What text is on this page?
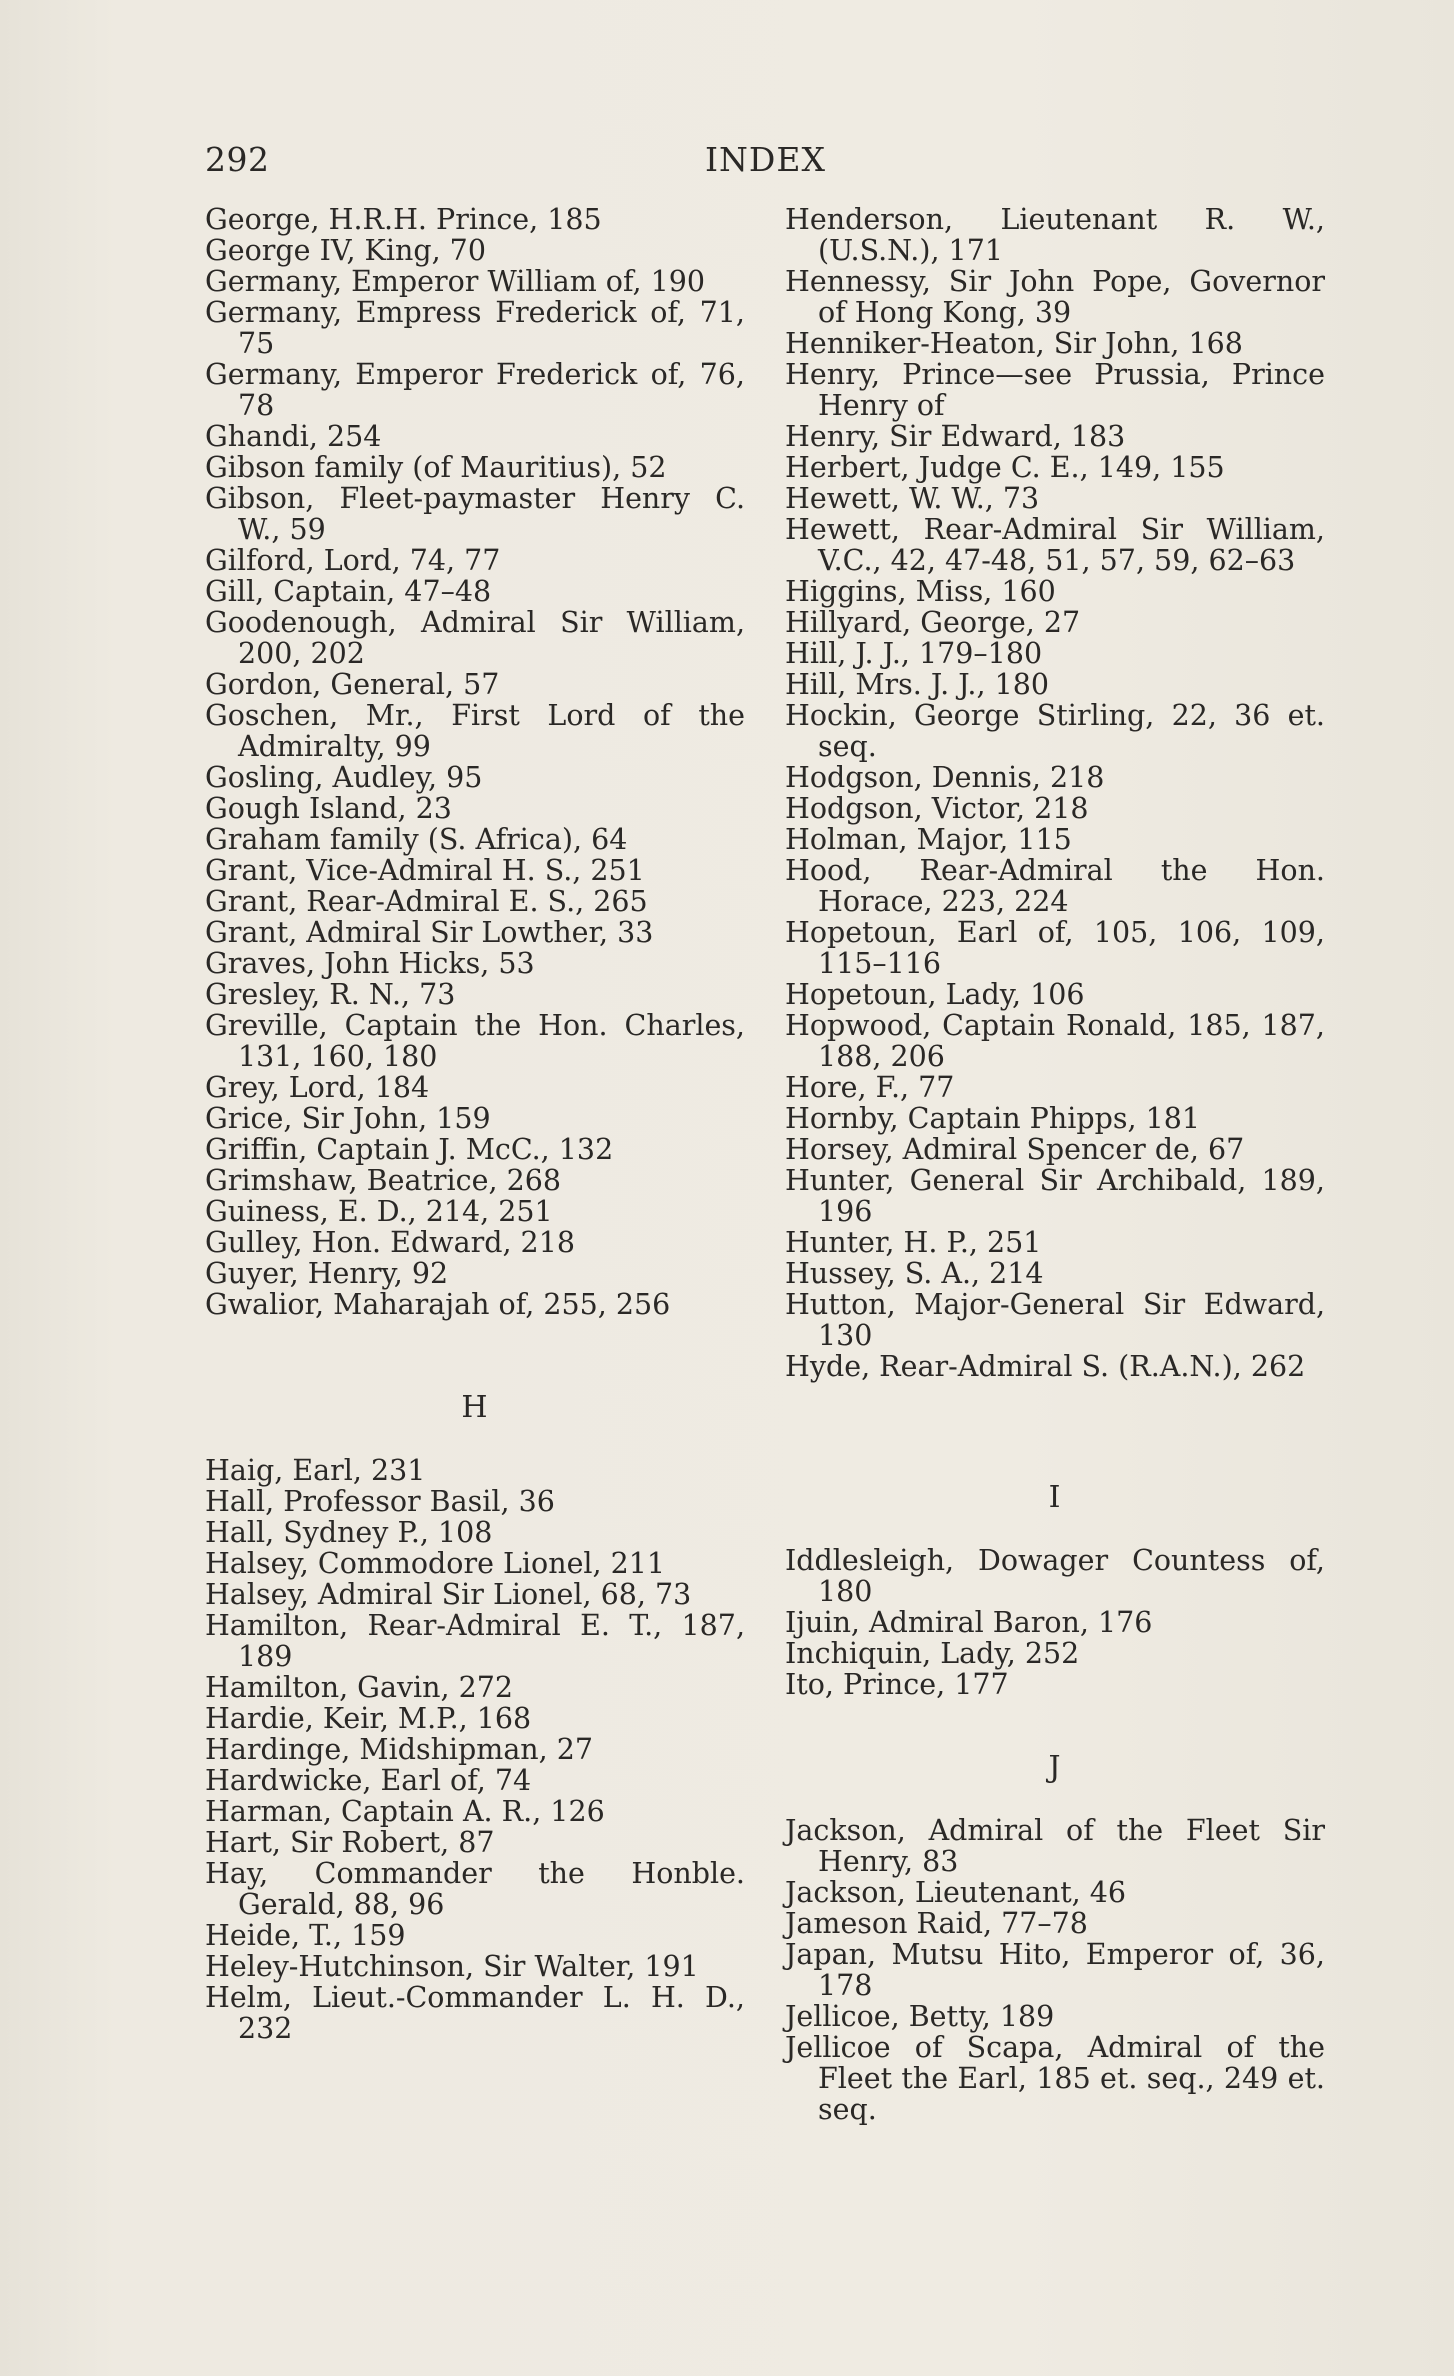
292	INDEX

George, H.R.H. Prince, 185

George IV, King, 70

Germany, Emperor William of, 190

Germany, Empress Frederick of, 71, 75

Germany, Emperor Frederick of, 76, 78

Ghandi, 254

Gibson family (of Mauritius), 52

Gibson, Fleet-paymaster Henry C. W., 59

Gilford, Lord, 74, 77

Gill, Captain, 47–48

Goodenough, Admiral Sir William, 200, 202

Gordon, General, 57

Goschen, Mr., First Lord of the Admiralty, 99

Gosling, Audley, 95

Gough Island, 23

Graham family (S. Africa), 64

Grant, Vice-Admiral H. S., 251

Grant, Rear-Admiral E. S., 265

Grant, Admiral Sir Lowther, 33

Graves, John Hicks, 53

Gresley, R. N., 73

Greville, Captain the Hon. Charles, 131, 160, 180

Grey, Lord, 184

Grice, Sir John, 159

Griffin, Captain J. McC., 132

Grimshaw, Beatrice, 268

Guiness, E. D., 214, 251

Gulley, Hon. Edward, 218

Guyer, Henry, 92

Gwalior, Maharajah of, 255, 256

H

Haig, Earl, 231

Hall, Professor Basil, 36

Hall, Sydney P., 108

Halsey, Commodore Lionel, 211

Halsey, Admiral Sir Lionel, 68, 73

Hamilton, Rear-Admiral E. T., 187, 189

Hamilton, Gavin, 272

Hardie, Keir, M.P., 168

Hardinge, Midshipman, 27

Hardwicke, Earl of, 74

Harman, Captain A. R., 126

Hart, Sir Robert, 87

Hay, Commander the Honble. Gerald, 88, 96

Heide, T., 159

Heley-Hutchinson, Sir Walter, 191

Helm, Lieut.-Commander L. H. D., 232

Henderson, Lieutenant R. W., (U.S.N.), 171

Hennessy, Sir John Pope, Governor of Hong Kong, 39

Henniker-Heaton, Sir John, 168

Henry, Prince—see Prussia, Prince Henry of

Henry, Sir Edward, 183

Herbert, Judge C. E., 149, 155

Hewett, W. W., 73

Hewett, Rear-Admiral Sir William, V.C., 42, 47-48, 51, 57, 59, 62–63

Higgins, Miss, 160

Hillyard, George, 27

Hill, J. J., 179–180

Hill, Mrs. J. J., 180

Hockin, George Stirling, 22, 36 et. seq.

Hodgson, Dennis, 218

Hodgson, Victor, 218

Holman, Major, 115

Hood, Rear-Admiral the Hon. Horace, 223, 224

Hopetoun, Earl of, 105, 106, 109, 115–116

Hopetoun, Lady, 106

Hopwood, Captain Ronald, 185, 187, 188, 206

Hore, F., 77

Hornby, Captain Phipps, 181

Horsey, Admiral Spencer de, 67

Hunter, General Sir Archibald, 189, 196

Hunter, H. P., 251

Hussey, S. A., 214

Hutton, Major-General Sir Edward, 130

Hyde, Rear-Admiral S. (R.A.N.), 262

I

Iddlesleigh, Dowager Countess of, 180

Ijuin, Admiral Baron, 176

Inchiquin, Lady, 252

Ito, Prince, 177

J

Jackson, Admiral of the Fleet Sir Henry, 83

Jackson, Lieutenant, 46

Jameson Raid, 77–78

Japan, Mutsu Hito, Emperor of, 36, 178

Jellicoe, Betty, 189

Jellicoe of Scapa, Admiral of the Fleet the Earl, 185 et. seq., 249 et. seq.
